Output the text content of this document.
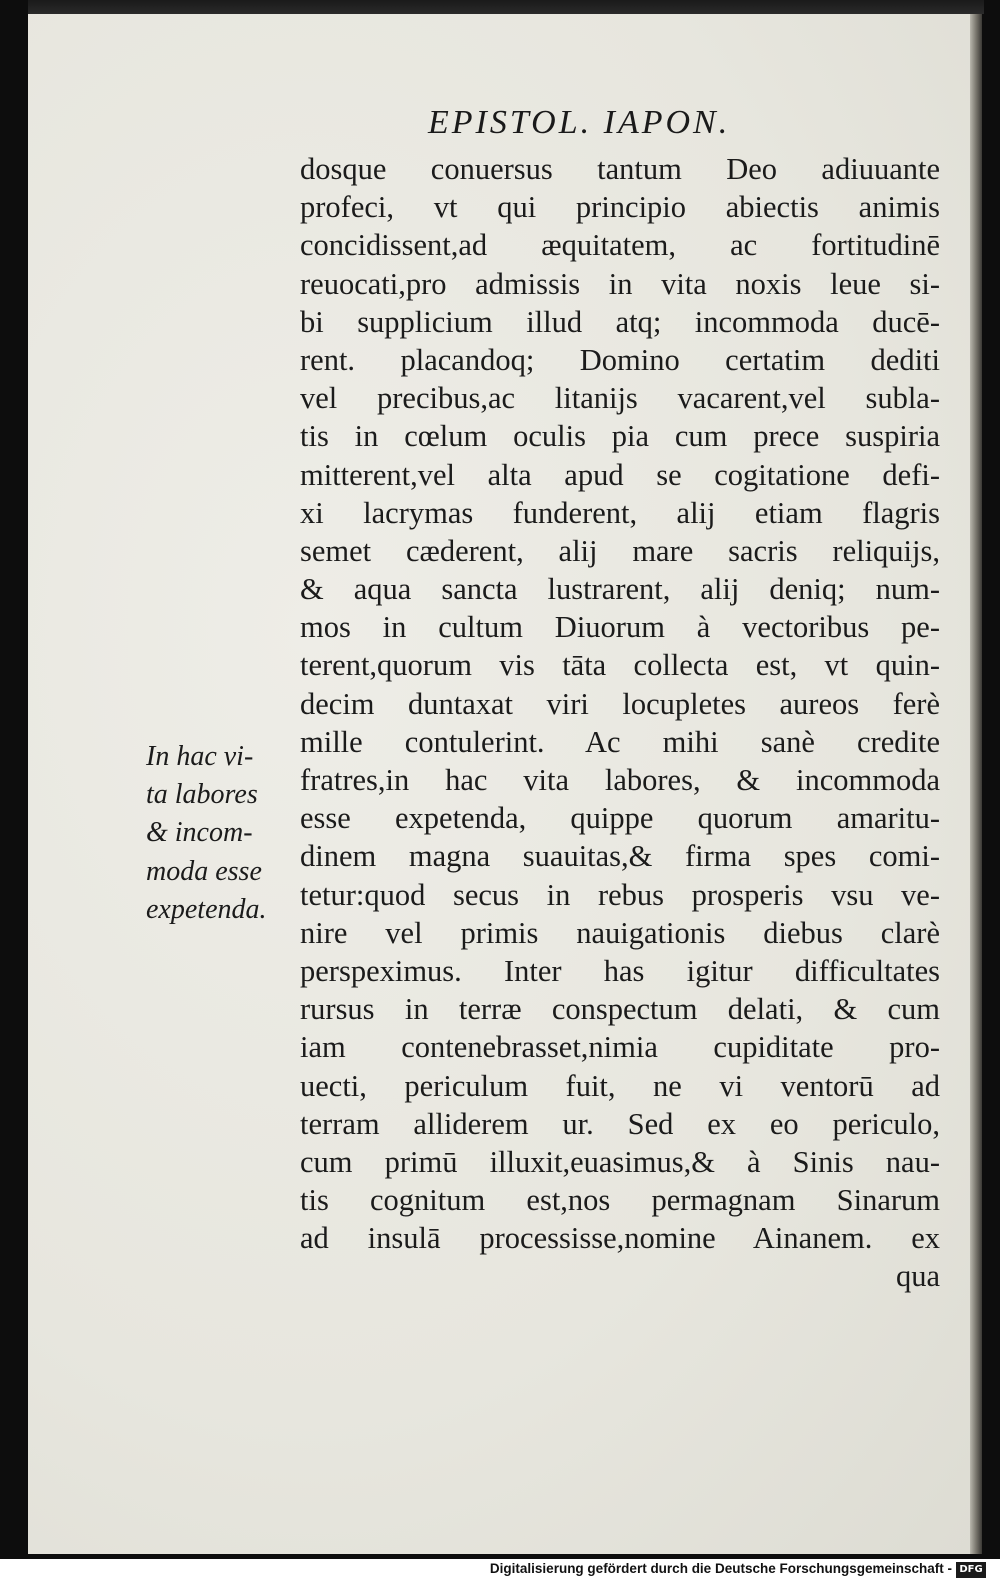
EPISTOL. IAPON.
dosque conuersus tantum Deo adiuuante
profeci, vt qui principio abiectis animis
concidissent,ad æquitatem, ac fortitudinē
reuocati,pro admissis in vita noxis leue si-
bi supplicium illud atq; incommoda ducē-
rent. placandoq; Domino certatim dediti
vel precibus,ac litanijs vacarent,vel subla-
tis in cœlum oculis pia cum prece suspiria
mitterent,vel alta apud se cogitatione defi-
xi lacrymas funderent, alij etiam flagris
semet cæderent, alij mare sacris reliquijs,
& aqua sancta lustrarent, alij deniq; num-
mos in cultum Diuorum à vectoribus pe-
terent,quorum vis tāta collecta est, vt quin-
decim duntaxat viri locupletes aureos ferè
mille contulerint. Ac mihi sanè credite
fratres,in hac vita labores, & incommoda
esse expetenda, quippe quorum amaritu-
dinem magna suauitas,& firma spes comi-
tetur:quod secus in rebus prosperis vsu ve-
nire vel primis nauigationis diebus clarè
perspeximus. Inter has igitur difficultates
rursus in terræ conspectum delati, & cum
iam contenebrasset,nimia cupiditate pro-
uecti, periculum fuit, ne vi ventorū ad
terram alliderem ur. Sed ex eo periculo,
cum primū illuxit,euasimus,& à Sinis nau-
tis cognitum est,nos permagnam Sinarum
ad insulā processisse,nomine Ainanem. ex
qua
In hac vi-
ta labores
& incom-
moda esse
expetenda.
Digitalisierung gefördert durch die Deutsche Forschungsgemeinschaft - DFG
